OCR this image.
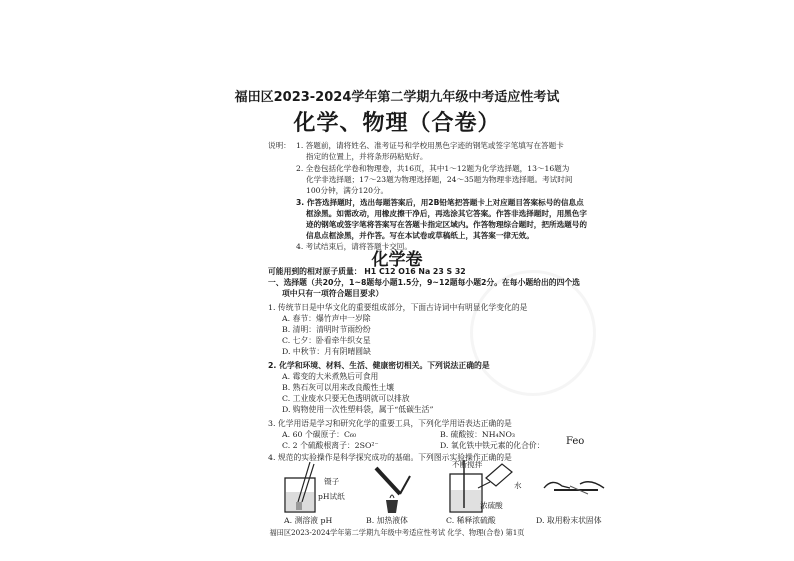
福田区2023-2024学年第二学期九年级中考适应性考试
化学、物理（合卷）
说明： 1. 答题前，请将姓名、准考证号和学校用黑色字迹的钢笔或签字笔填写在答题卡
指定的位置上，并将条形码粘贴好。
2. 全卷包括化学卷和物理卷，共16页，其中1～12题为化学选择题，13～16题为
化学非选择题；17～23题为物理选择题，24～35题为物理非选择题。考试时间
100分钟，满分120分。
3. 作答选择题时，选出每题答案后，用2B铅笔把答题卡上对应题目答案标号的信息点
框涂黑。如需改动，用橡皮擦干净后，再选涂其它答案。作答非选择题时，用黑色字
迹的钢笔或签字笔将答案写在答题卡指定区域内。作答物理综合题时，把所选题号的
信息点框涂黑，并作答。写在本试卷或草稿纸上，其答案一律无效。
4. 考试结束后，请将答题卡交回。
化学卷
可能用到的相对原子质量： H1 C12 O16 Na 23 S 32
一、选择题（共20分，1~8题每小题1.5分，9~12题每小题2分。在每小题给出的四个选
项中只有一项符合题目要求）
1. 传统节日是中华文化的重要组成部分，下面古诗词中有明显化学变化的是
A. 春节：爆竹声中一岁除
B. 清明：清明时节雨纷纷
C. 七夕：卧看牵牛织女星
D. 中秋节：月有阴晴圆缺
2. 化学和环境、材料、生活、健康密切相关。下列说法正确的是
A. 霉变的大米煮熟后可食用
B. 熟石灰可以用来改良酸性土壤
C. 工业废水只要无色透明就可以排放
D. 购物使用一次性塑料袋，属于“低碳生活”
3. 化学用语是学习和研究化学的重要工具，下列化学用语表达正确的是
A. 60 个碳原子：C₆₀	B. 硫酸铵：NH₄NO₃
C. 2 个硫酸根离子：2SO²⁻	D. 氧化铁中铁元素的化合价： Feo
4. 规范的实验操作是科学探究成功的基础。下列图示实验操作正确的是
镊子
pH试纸
不断搅拌
水
浓硫酸
A. 测溶液 pH	B. 加热液体	C. 稀释浓硫酸	D. 取用粉末状固体
福田区2023-2024学年第二学期九年级中考适应性考试 化学、物理(合卷) 第1页
